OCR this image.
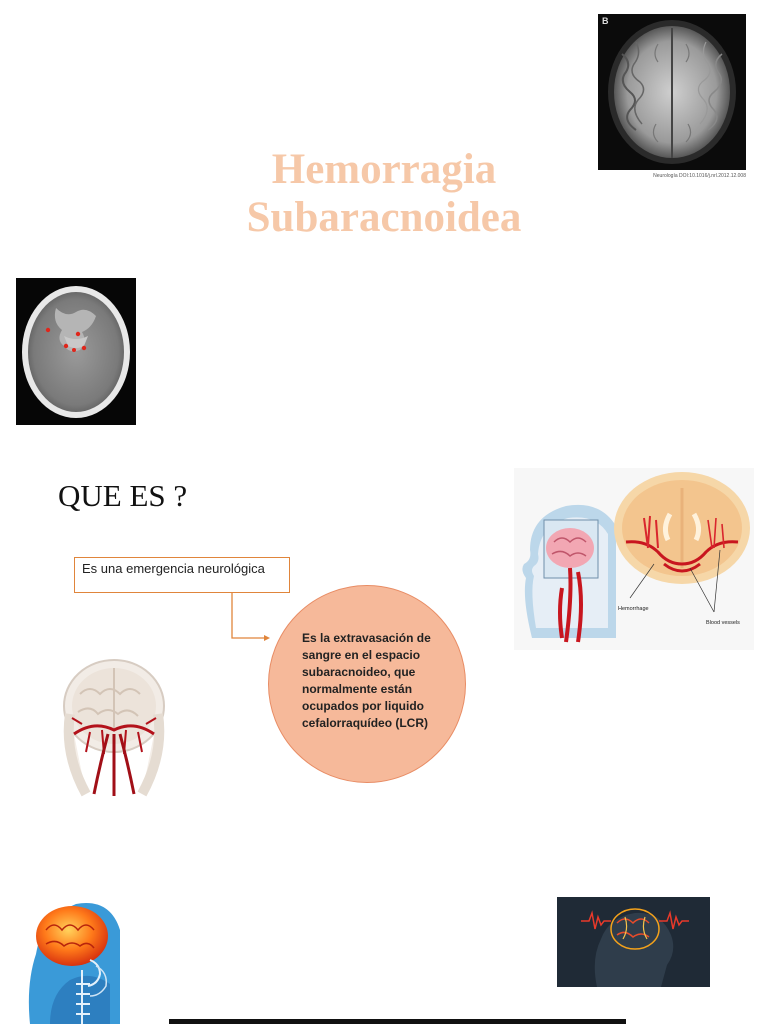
Hemorragia
Subaracnoidea
B
Neurología DOI:10.1016/j.nrl.2012.12.008
QUE ES ?
Es una emergencia neurológica
Es la extravasación de sangre en el espacio subaracnoideo, que normalmente están ocupados por liquido cefalorraquídeo (LCR)
Hemorrhage
Blood vessels
